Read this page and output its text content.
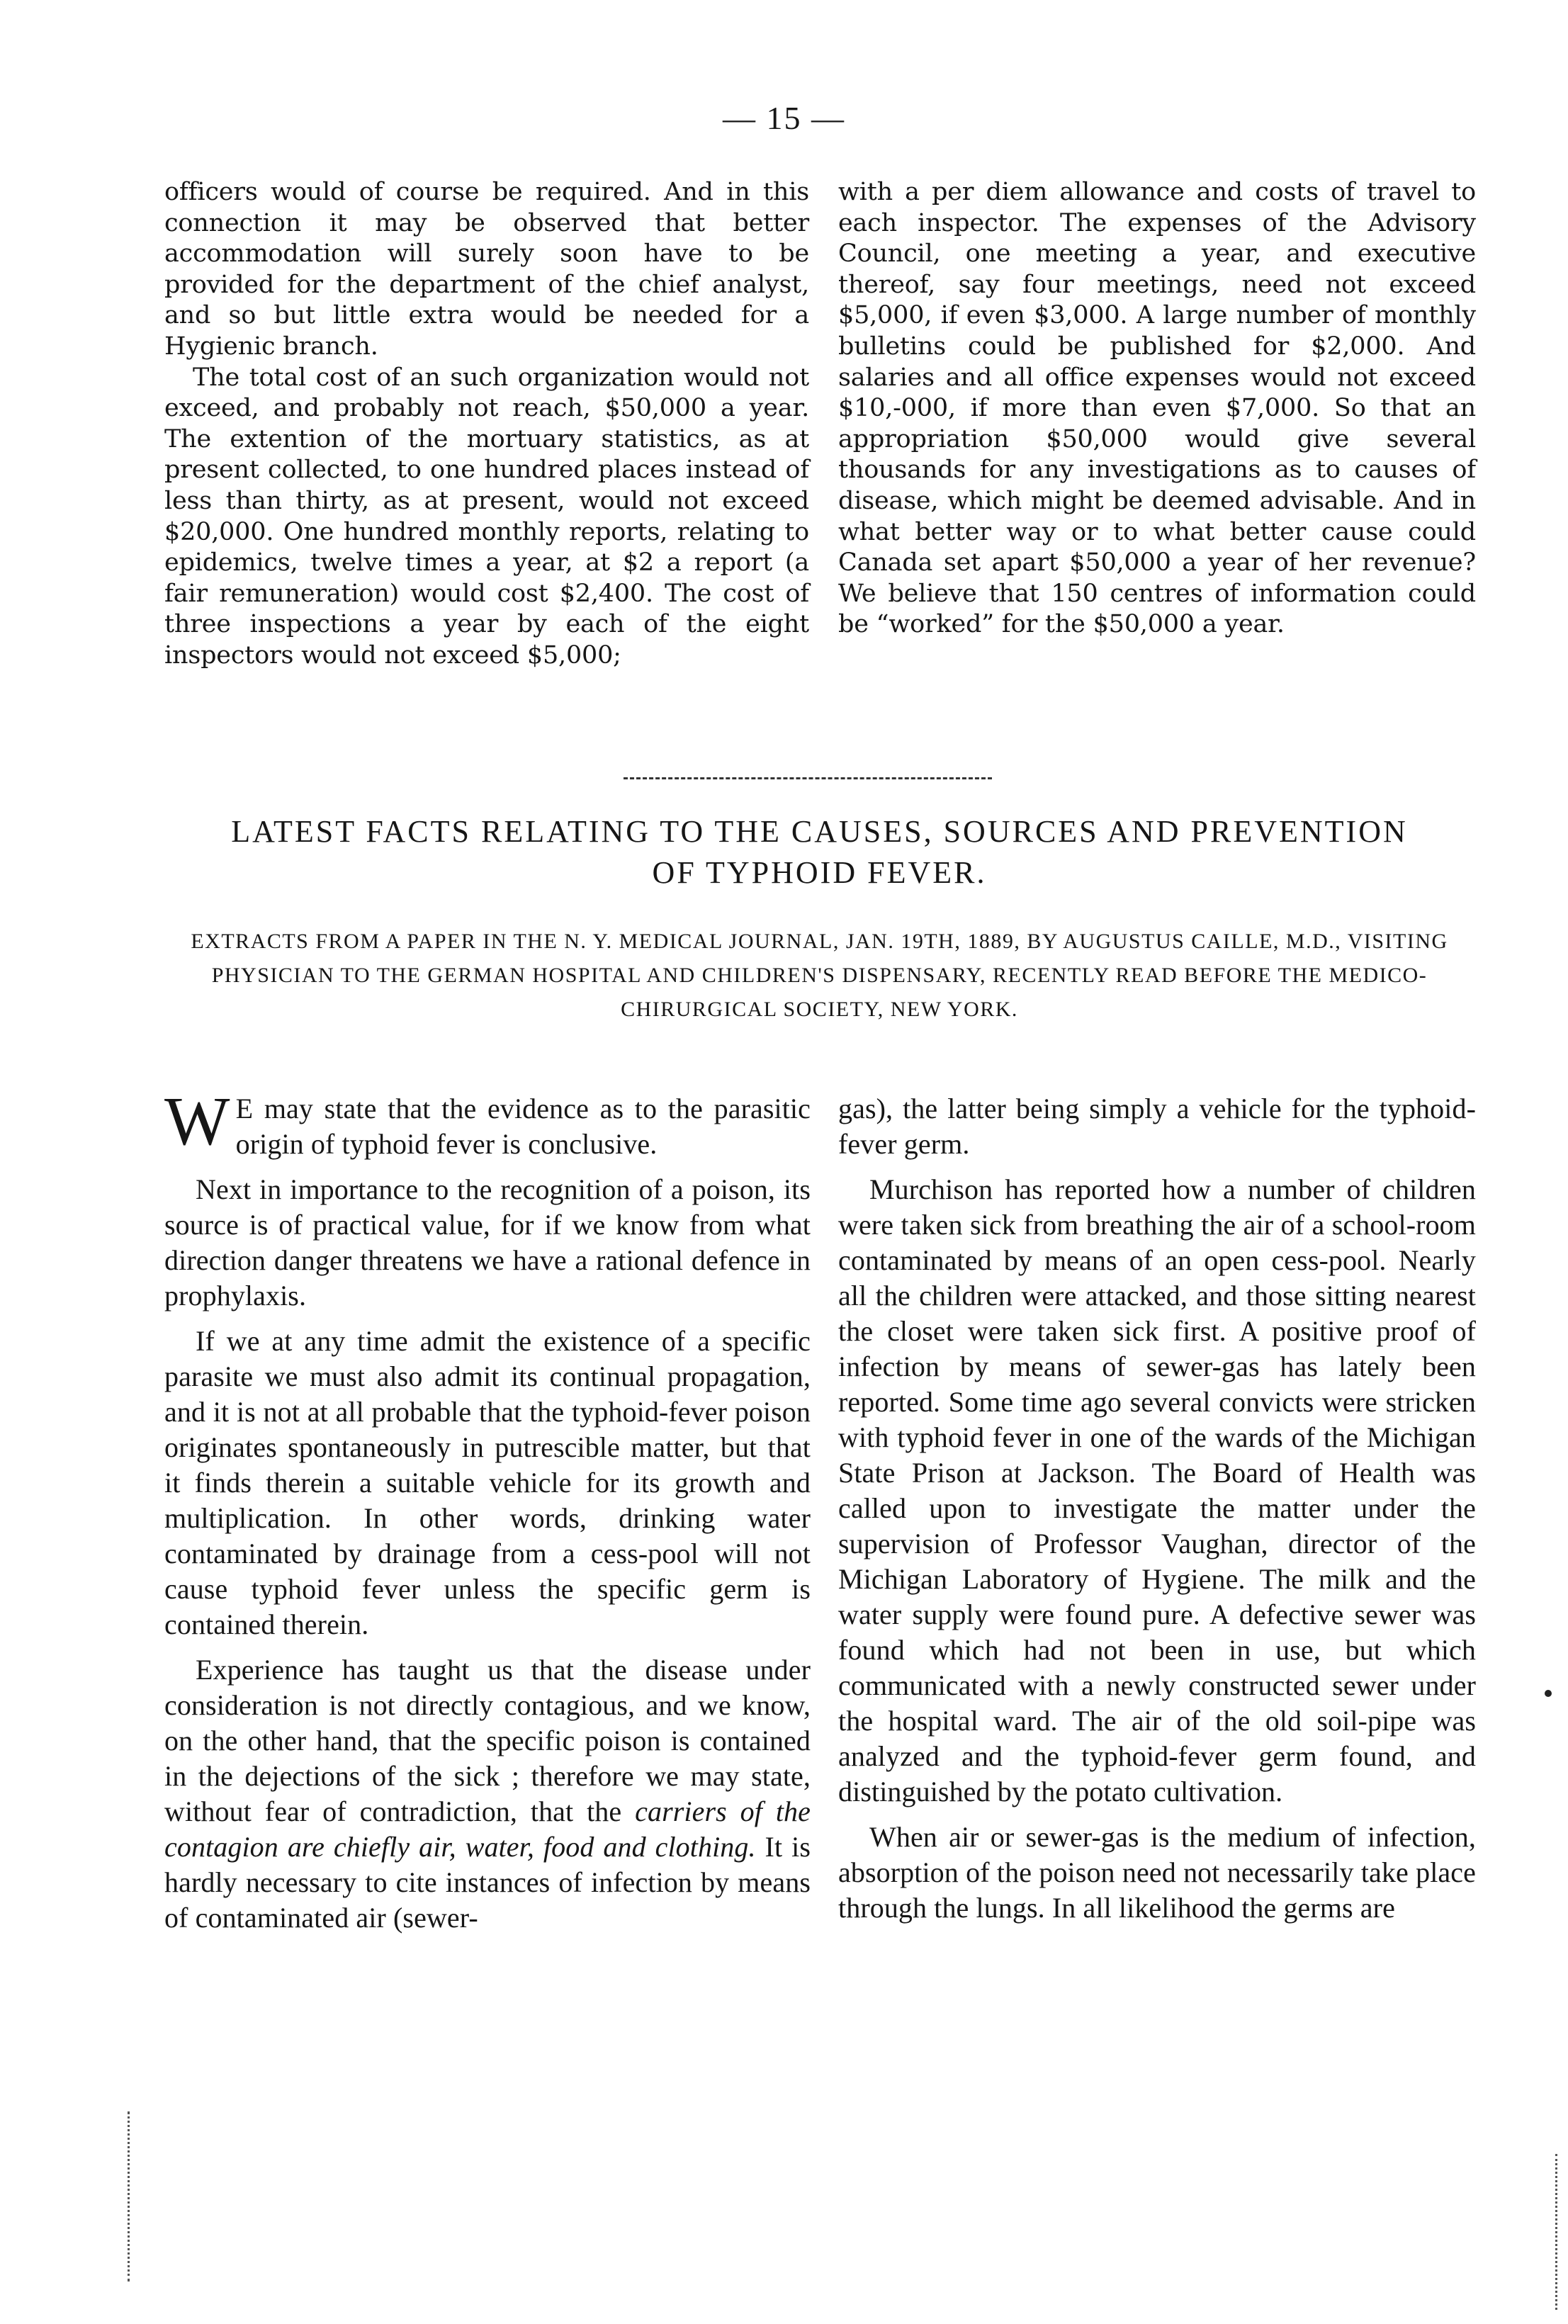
— 15 —

officers would of course be required. And in this connection it may be observed that better accommodation will surely soon have to be provided for the department of the chief analyst, and so but little extra would be needed for a Hygienic branch.

The total cost of an such organization would not exceed, and probably not reach, $50,000 a year. The extention of the mortuary statistics, as at present collected, to one hundred places instead of less than thirty, as at present, would not exceed $20,000. One hundred monthly reports, relating to epidemics, twelve times a year, at $2 a report (a fair remuneration) would cost $2,400. The cost of three inspections a year by each of the eight inspectors would not exceed $5,000;

with a per diem allowance and costs of travel to each inspector. The expenses of the Advisory Council, one meeting a year, and executive thereof, say four meetings, need not exceed $5,000, if even $3,000. A large number of monthly bulletins could be published for $2,000. And salaries and all office expenses would not exceed $10,-000, if more than even $7,000. So that an appropriation $50,000 would give several thousands for any investigations as to causes of disease, which might be deemed advisable. And in what better way or to what better cause could Canada set apart $50,000 a year of her revenue? We believe that 150 centres of information could be “worked” for the $50,000 a year.

LATEST FACTS RELATING TO THE CAUSES, SOURCES AND PREVENTION
OF TYPHOID FEVER.
EXTRACTS FROM A PAPER IN THE N. Y. MEDICAL JOURNAL, JAN. 19TH, 1889, BY AUGUSTUS CAILLE, M.D., VISITING PHYSICIAN TO THE GERMAN HOSPITAL AND CHILDREN'S DISPENSARY, RECENTLY READ BEFORE THE MEDICO-CHIRURGICAL SOCIETY, NEW YORK.

W E may state that the evidence as to the parasitic origin of typhoid fever is conclusive.

Next in importance to the recognition of a poison, its source is of practical value, for if we know from what direction danger threatens we have a rational defence in prophylaxis.

If we at any time admit the existence of a specific parasite we must also admit its continual propagation, and it is not at all probable that the typhoid-fever poison originates spontaneously in putrescible matter, but that it finds therein a suitable vehicle for its growth and multiplication. In other words, drinking water contaminated by drainage from a cess-pool will not cause typhoid fever unless the specific germ is contained therein.

Experience has taught us that the disease under consideration is not directly contagious, and we know, on the other hand, that the specific poison is contained in the dejections of the sick ; therefore we may state, without fear of contradiction, that the carriers of the contagion are chiefly air, water, food and clothing. It is hardly necessary to cite instances of infection by means of contaminated air (sewer-

gas), the latter being simply a vehicle for the typhoid-fever germ.

Murchison has reported how a number of children were taken sick from breathing the air of a school-room contaminated by means of an open cess-pool. Nearly all the children were attacked, and those sitting nearest the closet were taken sick first. A positive proof of infection by means of sewer-gas has lately been reported. Some time ago several convicts were stricken with typhoid fever in one of the wards of the Michigan State Prison at Jackson. The Board of Health was called upon to investigate the matter under the supervision of Professor Vaughan, director of the Michigan Laboratory of Hygiene. The milk and the water supply were found pure. A defective sewer was found which had not been in use, but which communicated with a newly constructed sewer under the hospital ward. The air of the old soil-pipe was analyzed and the typhoid-fever germ found, and distinguished by the potato cultivation.

When air or sewer-gas is the medium of infection, absorption of the poison need not necessarily take place through the lungs. In all likelihood the germs are
